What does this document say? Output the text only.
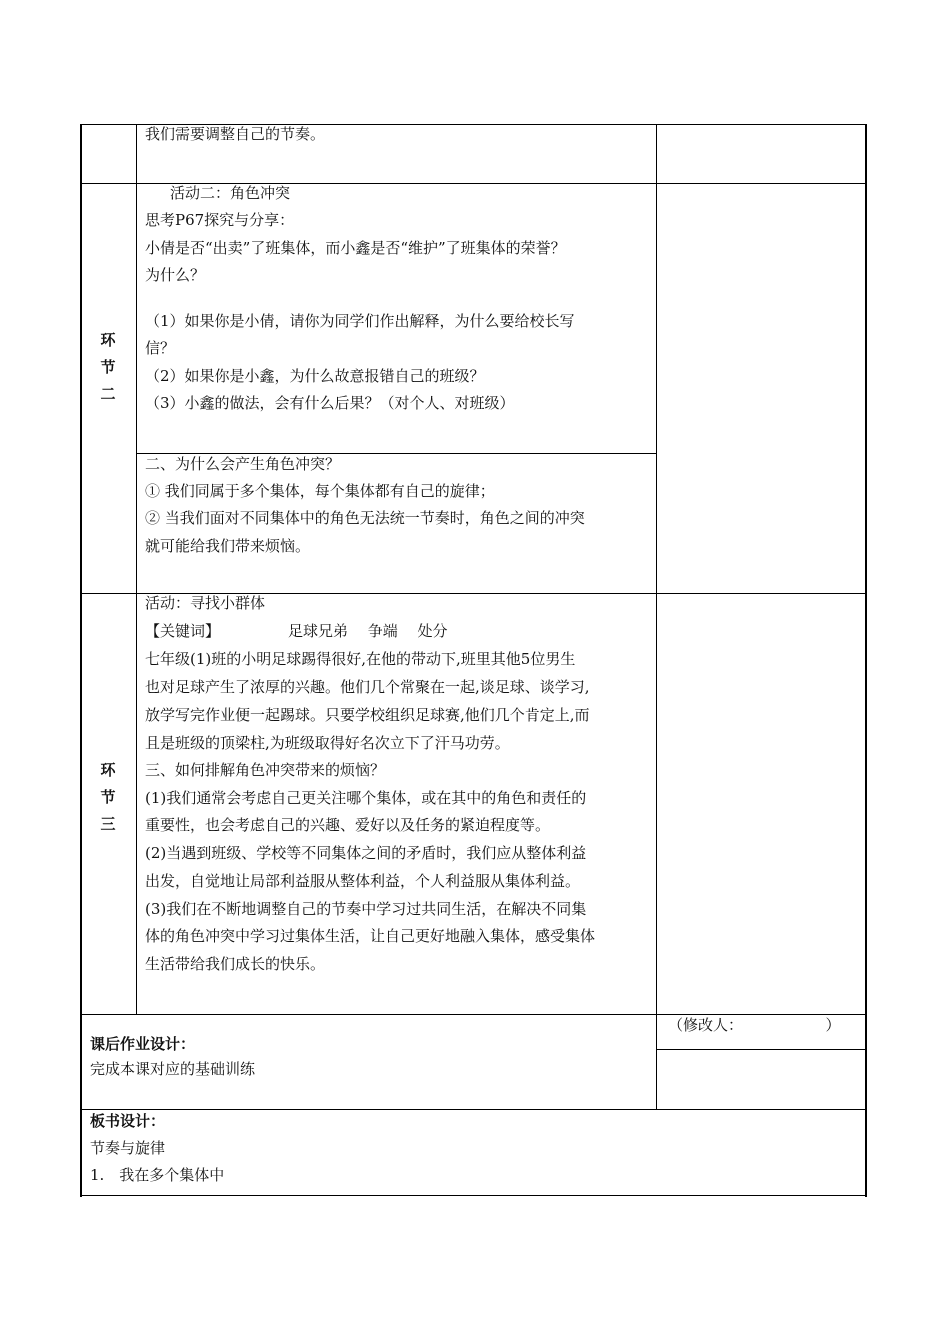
我们需要调整自己的节奏。
环
节
二
活动二：角色冲突
思考P67探究与分享：
小倩是否“出卖”了班集体，而小鑫是否“维护”了班集体的荣誉？
为什么？
（1）如果你是小倩，请你为同学们作出解释，为什么要给校长写
信？
（2）如果你是小鑫，为什么故意报错自己的班级？
（3）小鑫的做法，会有什么后果？（对个人、对班级）
二、为什么会产生角色冲突？
① 我们同属于多个集体，每个集体都有自己的旋律；
② 当我们面对不同集体中的角色无法统一节奏时，角色之间的冲突
就可能给我们带来烦恼。
环
节
三
活动：寻找小群体
【关键词】	足球兄弟　 争端　 处分
七年级(1)班的小明足球踢得很好,在他的带动下,班里其他5位男生
也对足球产生了浓厚的兴趣。他们几个常聚在一起,谈足球、谈学习,
放学写完作业便一起踢球。只要学校组织足球赛,他们几个肯定上,而
且是班级的顶梁柱,为班级取得好名次立下了汗马功劳。
三、如何排解角色冲突带来的烦恼？
(1)我们通常会考虑自己更关注哪个集体，或在其中的角色和责任的
重要性，也会考虑自己的兴趣、爱好以及任务的紧迫程度等。
(2)当遇到班级、学校等不同集体之间的矛盾时，我们应从整体利益
出发，自觉地让局部利益服从整体利益，个人利益服从集体利益。
(3)我们在不断地调整自己的节奏中学习过共同生活，在解决不同集
体的角色冲突中学习过集体生活，让自己更好地融入集体，感受集体
生活带给我们成长的快乐。
课后作业设计：
完成本课对应的基础训练
（修改人：　　　　　　）
板书设计：
节奏与旋律
1.　我在多个集体中
